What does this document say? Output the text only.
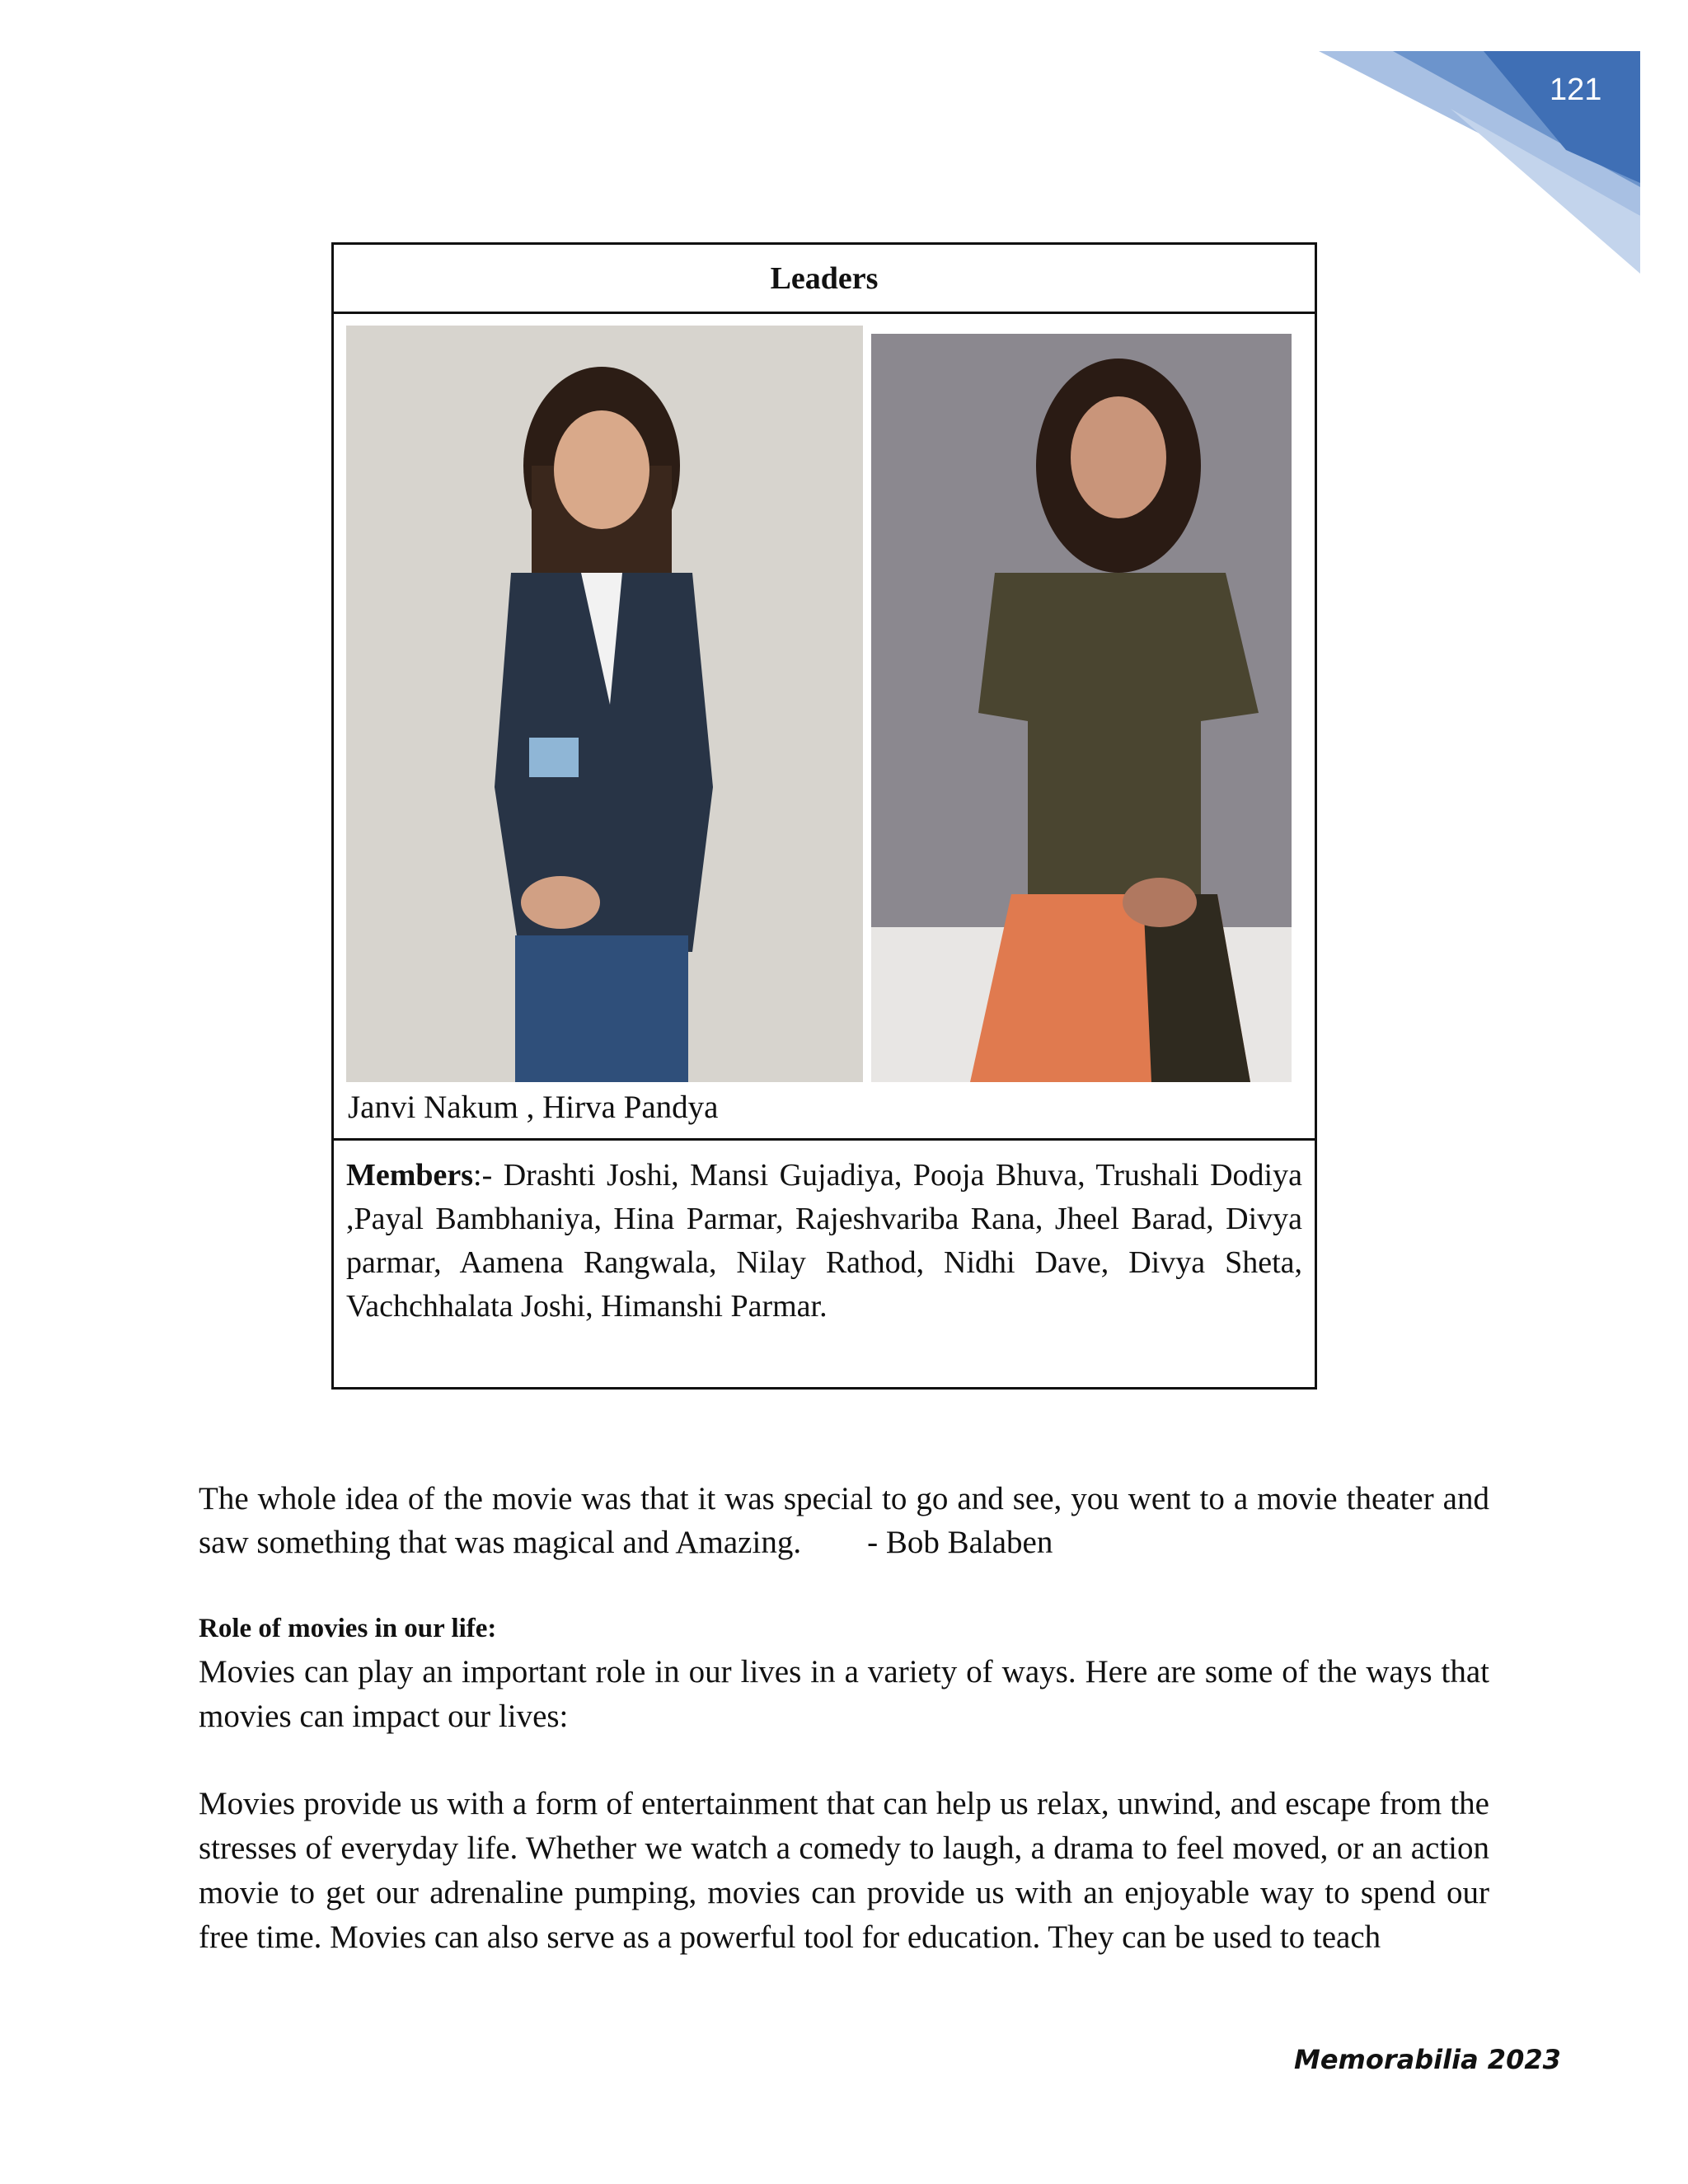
121
Leaders
Janvi Nakum , Hirva Pandya

Members:- Drashti Joshi, Mansi Gujadiya, Pooja Bhuva, Trushali Dodiya ,Payal Bambhaniya, Hina Parmar, Rajeshvariba Rana, Jheel Barad, Divya parmar, Aamena Rangwala, Nilay Rathod, Nidhi Dave, Divya Sheta, Vachchhalata Joshi, Himanshi Parmar.

The whole idea of the movie was that it was special to go and see, you went to a movie theater and saw something that was magical and Amazing. - Bob Balaben

Role of movies in our life:

Movies can play an important role in our lives in a variety of ways. Here are some of the ways that movies can impact our lives:

Movies provide us with a form of entertainment that can help us relax, unwind, and escape from the stresses of everyday life. Whether we watch a comedy to laugh, a drama to feel moved, or an action movie to get our adrenaline pumping, movies can provide us with an enjoyable way to spend our free time. Movies can also serve as a powerful tool for education. They can be used to teach

Memorabilia 2023
